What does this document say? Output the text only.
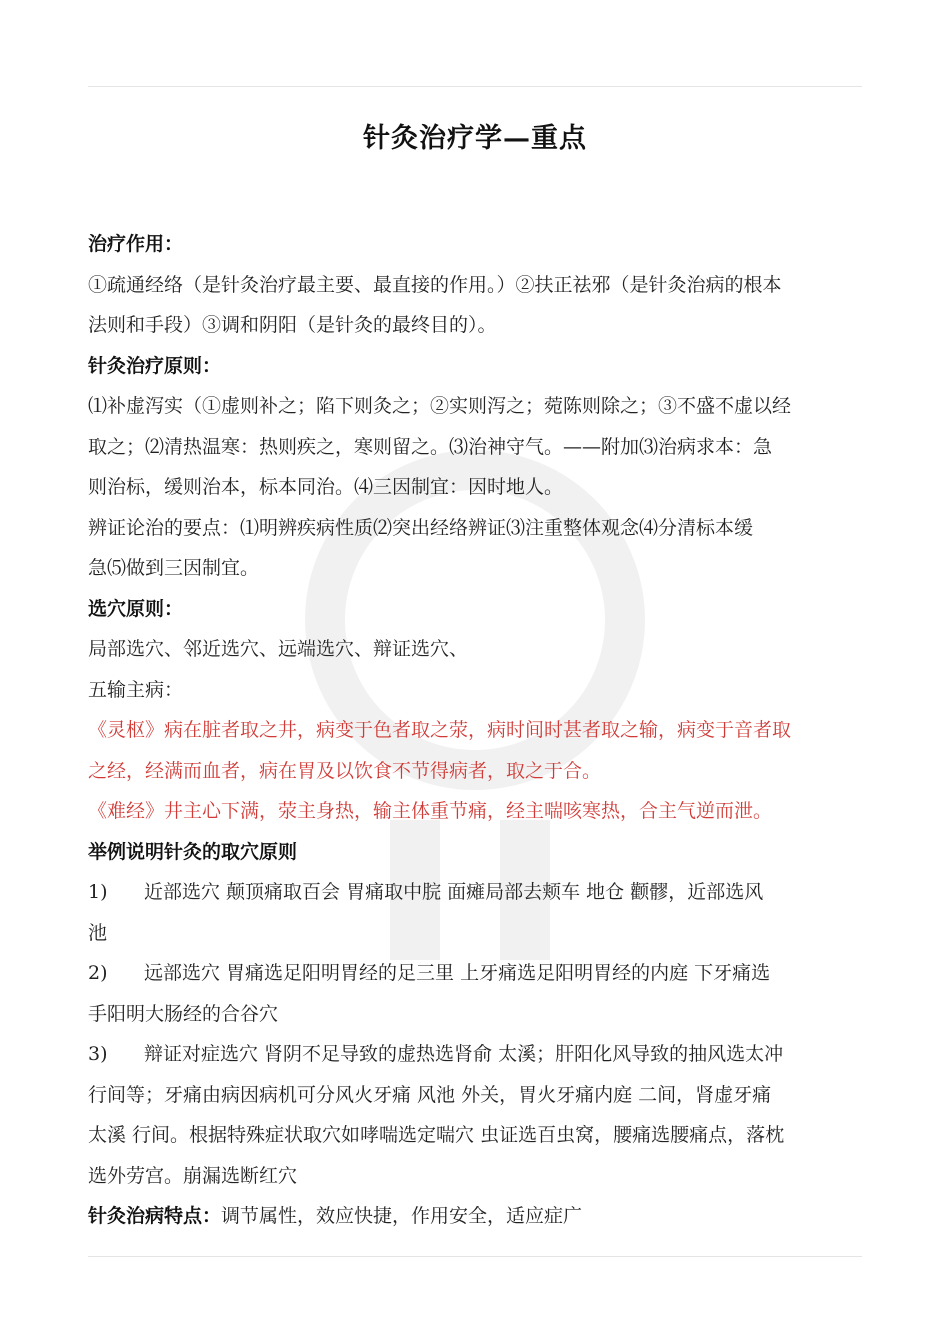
针灸治疗学—重点
治疗作用：
①疏通经络（是针灸治疗最主要、最直接的作用。）②扶正祛邪（是针灸治病的根本
法则和手段）③调和阴阳（是针灸的最终目的）。
针灸治疗原则：
⑴补虚泻实（①虚则补之；陷下则灸之；②实则泻之；菀陈则除之；③不盛不虚以经
取之；⑵清热温寒：热则疾之，寒则留之。⑶治神守气。——附加⑶治病求本：急
则治标，缓则治本，标本同治。⑷三因制宜：因时地人。
辨证论治的要点：⑴明辨疾病性质⑵突出经络辨证⑶注重整体观念⑷分清标本缓
急⑸做到三因制宜。
选穴原则：
局部选穴、邻近选穴、远端选穴、辩证选穴、
五输主病：
《灵枢》病在脏者取之井，病变于色者取之荥，病时间时甚者取之输，病变于音者取
之经，经满而血者，病在胃及以饮食不节得病者，取之于合。
《难经》井主心下满，荥主身热，输主体重节痛，经主喘咳寒热，合主气逆而泄。
举例说明针灸的取穴原则
1) 近部选穴 颠顶痛取百会 胃痛取中脘 面瘫局部去颊车 地仓 颧髎，近部选风
池
2) 远部选穴 胃痛选足阳明胃经的足三里 上牙痛选足阳明胃经的内庭 下牙痛选
手阳明大肠经的合谷穴
3) 辩证对症选穴 肾阴不足导致的虚热选肾俞 太溪；肝阳化风导致的抽风选太冲
行间等；牙痛由病因病机可分风火牙痛 风池 外关，胃火牙痛内庭 二间，肾虚牙痛
太溪 行间。根据特殊症状取穴如哮喘选定喘穴 虫证选百虫窝，腰痛选腰痛点，落枕
选外劳宫。崩漏选断红穴
针灸治病特点：调节属性，效应快捷，作用安全，适应症广
